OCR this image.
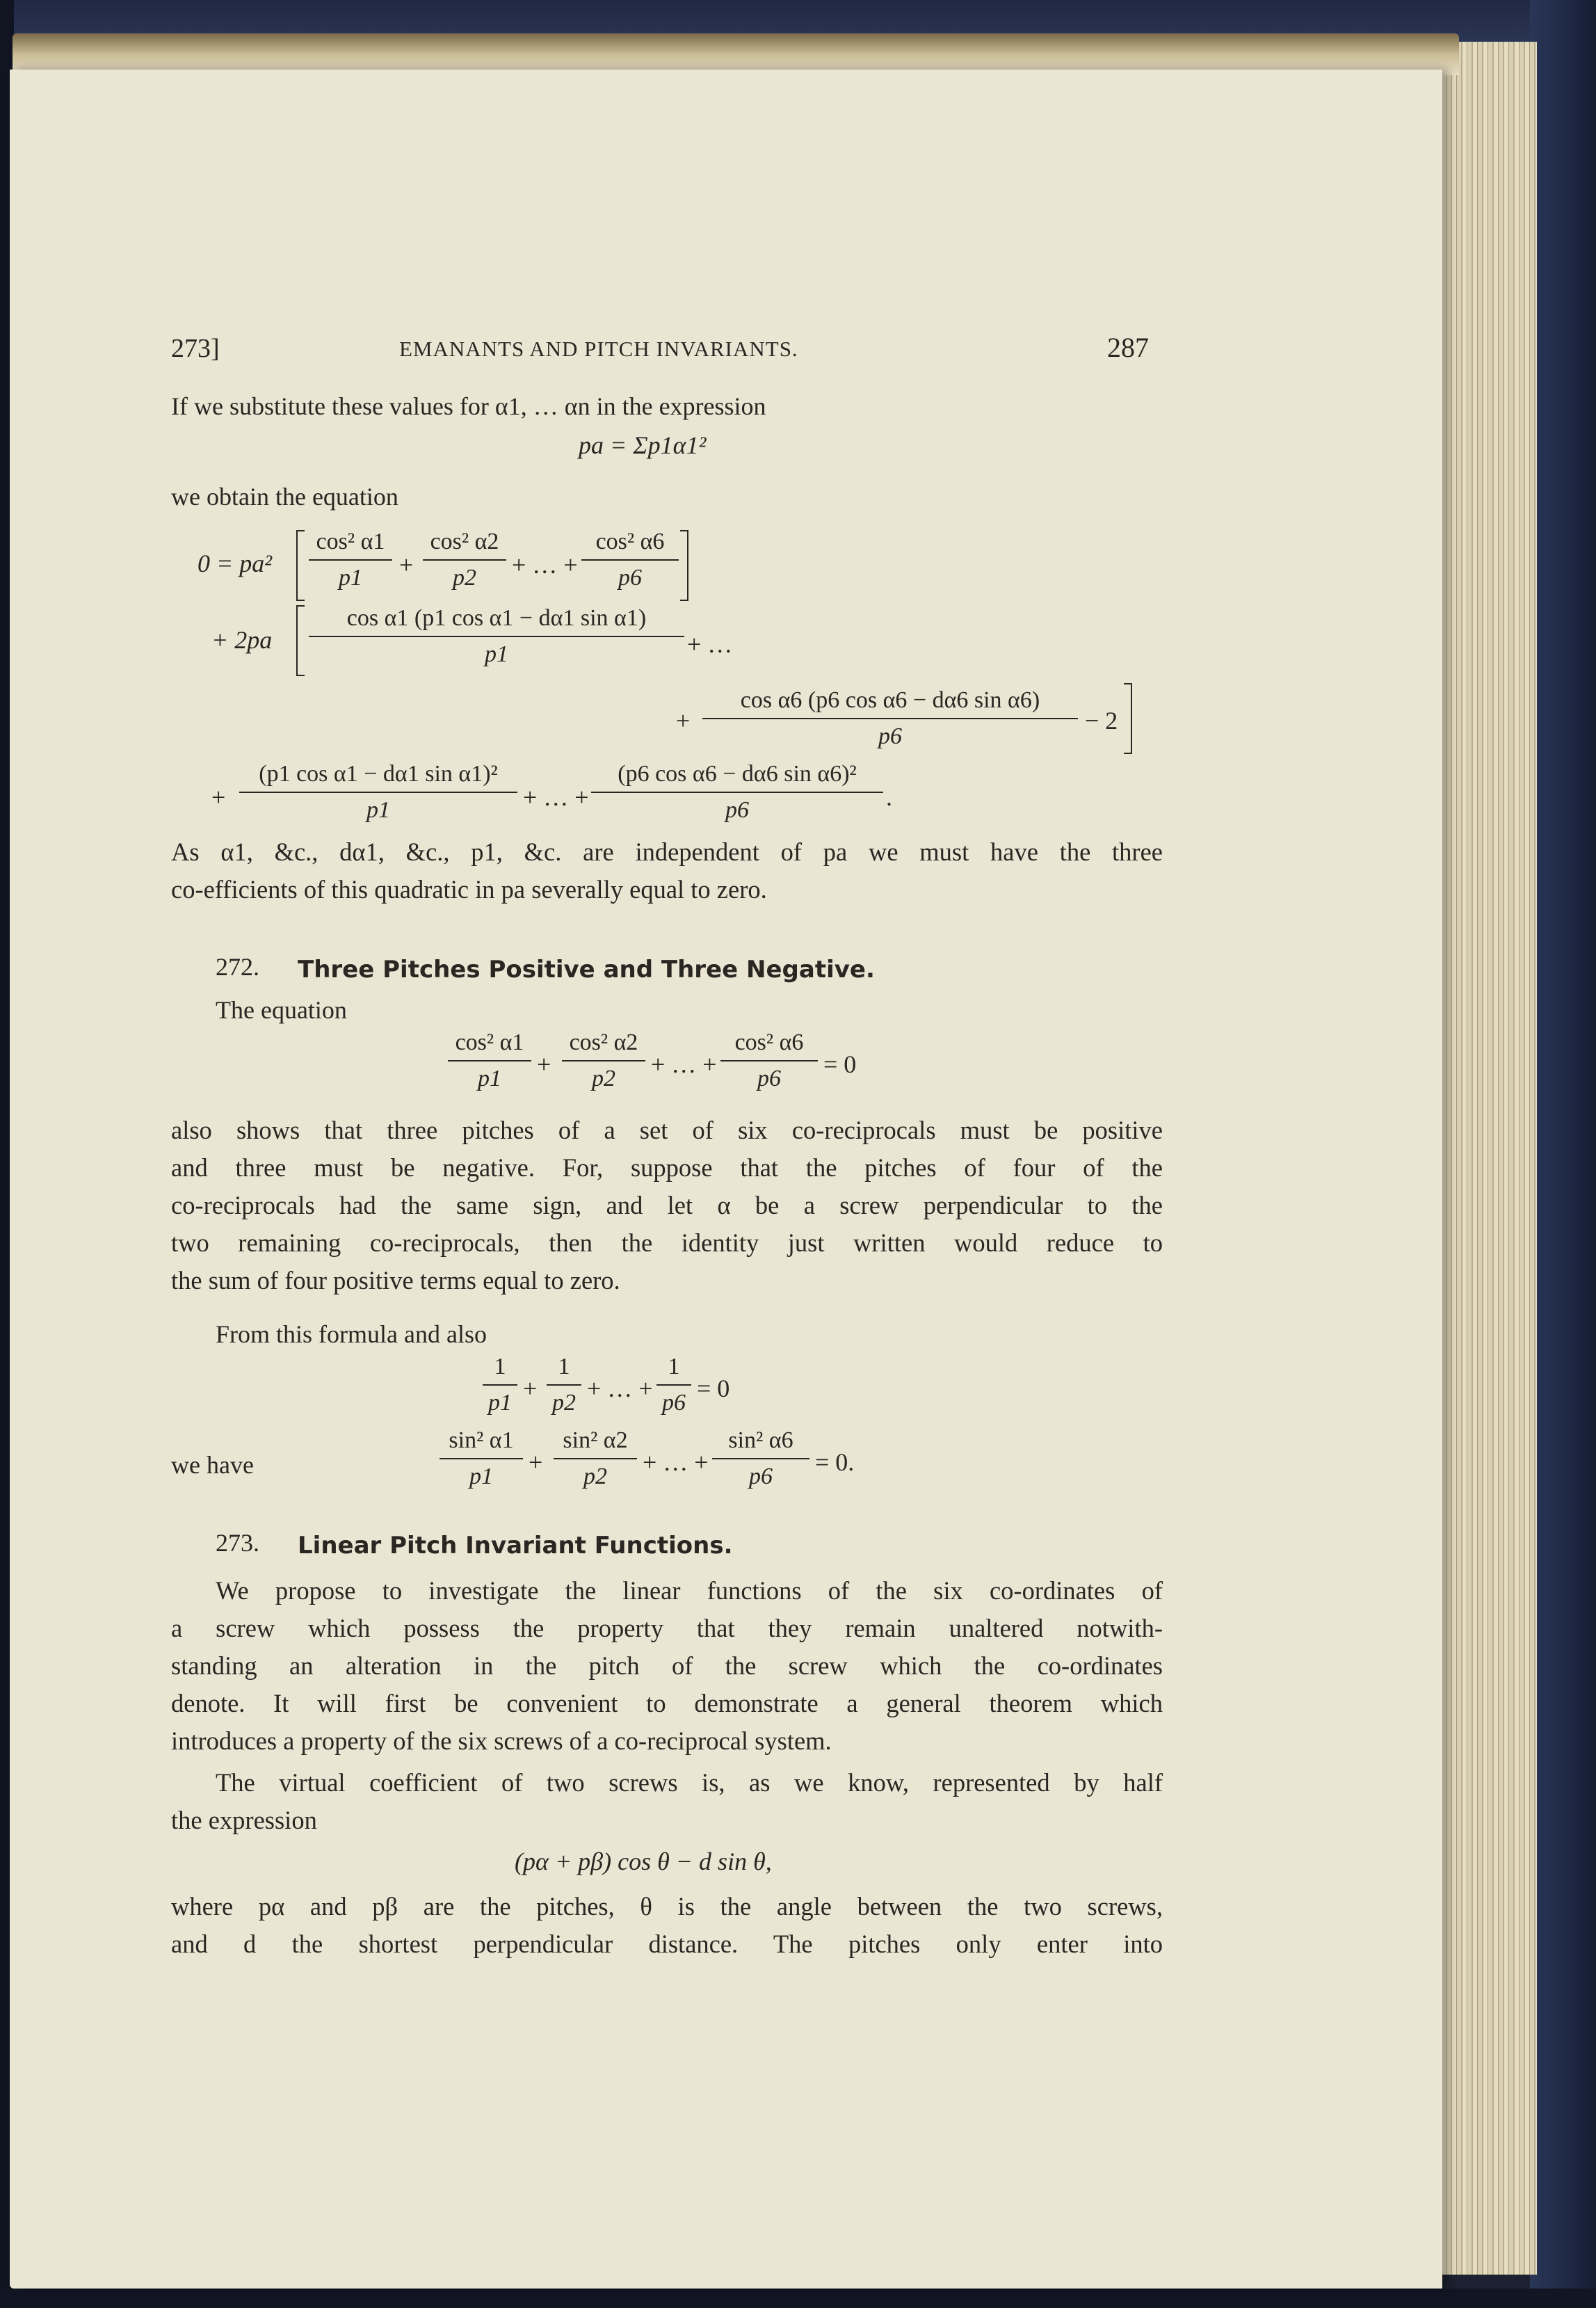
273]	EMANANTS AND PITCH INVARIANTS.	287
If we substitute these values for α1, … αn in the expression
pa = Σp1α1²
we obtain the equation
0 = pa²
cos² α1
p1	+
cos² α2
p2	+ … +
cos² α6
p6
+ 2pa
cos α1 (p1 cos α1 − dα1 sin α1)
p1	+ …
+
cos α6 (p6 cos α6 − dα6 sin α6)
p6
− 2
+
(p1 cos α1 − dα1 sin α1)²
p1	+ … +
(p6 cos α6 − dα6 sin α6)²
p6	.
As α1, &c., dα1, &c., p1, &c. are independent of pa we must have the three
co-efficients of this quadratic in pa severally equal to zero.
272. Three Pitches Positive and Three Negative.
The equation
cos² α1
p1
+
cos² α2
p2
+ … +
cos² α6
p6
= 0
also shows that three pitches of a set of six co-reciprocals must be positive
and three must be negative. For, suppose that the pitches of four of the
co-reciprocals had the same sign, and let α be a screw perpendicular to the
two remaining co-reciprocals, then the identity just written would reduce to
the sum of four positive terms equal to zero.
From this formula and also
1
p1
+
1
p2
+ … +
1
p6
= 0
we have
sin² α1
p1
+
sin² α2
p2
+ … +
sin² α6
p6
= 0.
273. Linear Pitch Invariant Functions.
We propose to investigate the linear functions of the six co-ordinates of
a screw which possess the property that they remain unaltered notwith-
standing an alteration in the pitch of the screw which the co-ordinates
denote. It will first be convenient to demonstrate a general theorem which
introduces a property of the six screws of a co-reciprocal system.
The virtual coefficient of two screws is, as we know, represented by half
the expression
(pα + pβ) cos θ − d sin θ,
where pα and pβ are the pitches, θ is the angle between the two screws,
and d the shortest perpendicular distance. The pitches only enter into
